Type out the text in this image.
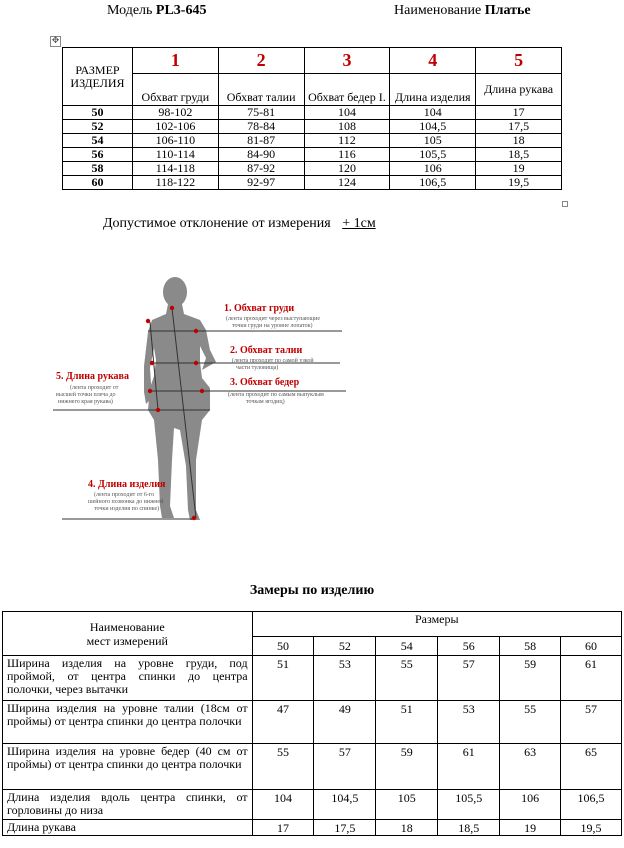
Модель PL3-645	Наименование Платье
✥
РАЗМЕР ИЗДЕЛИЯ	1	2	3	4	5
	Обхват груди	Обхват талии	Обхват бедер I.	Длина изделия	Длина рукава
50	98-102	75-81	104	104	17
52	102-106	78-84	108	104,5	17,5
54	106-110	81-87	112	105	18
56	110-114	84-90	116	105,5	18,5
58	114-118	87-92	120	106	19
60	118-122	92-97	124	106,5	19,5
Допустимое отклонение от измерения + 1см
1. Обхват груди
(лента проходит через выступающие
точки груди на уровне лопаток)
2. Обхват талии
(лента проходит по самой узкой
части туловища)
3. Обхват бедер
(лента проходит по самым выпуклым
точкам ягодиц)
5. Длина рукава
(лента проходит от
высшей точки плеча до
нижнего края рукава)
4. Длина изделия
(лента проходит от 6-го
шейного позвонка до нижней
точки изделия по спинке)
Замеры по изделию
Наименование
мест измерений	Размеры					
	50	52	54	56	58	60
Ширина изделия на уровне груди, под проймой, от центра спинки до центра полочки, через вытачки	51	53	55	57	59	61
Ширина изделия на уровне талии (18см от проймы) от центра спинки до центра полочки	47	49	51	53	55	57
Ширина изделия на уровне бедер (40 см от проймы) от центра спинки до центра полочки	55	57	59	61	63	65
Длина изделия вдоль центра спинки, от горловины до низа	104	104,5	105	105,5	106	106,5
Длина рукава	17	17,5	18	18,5	19	19,5
